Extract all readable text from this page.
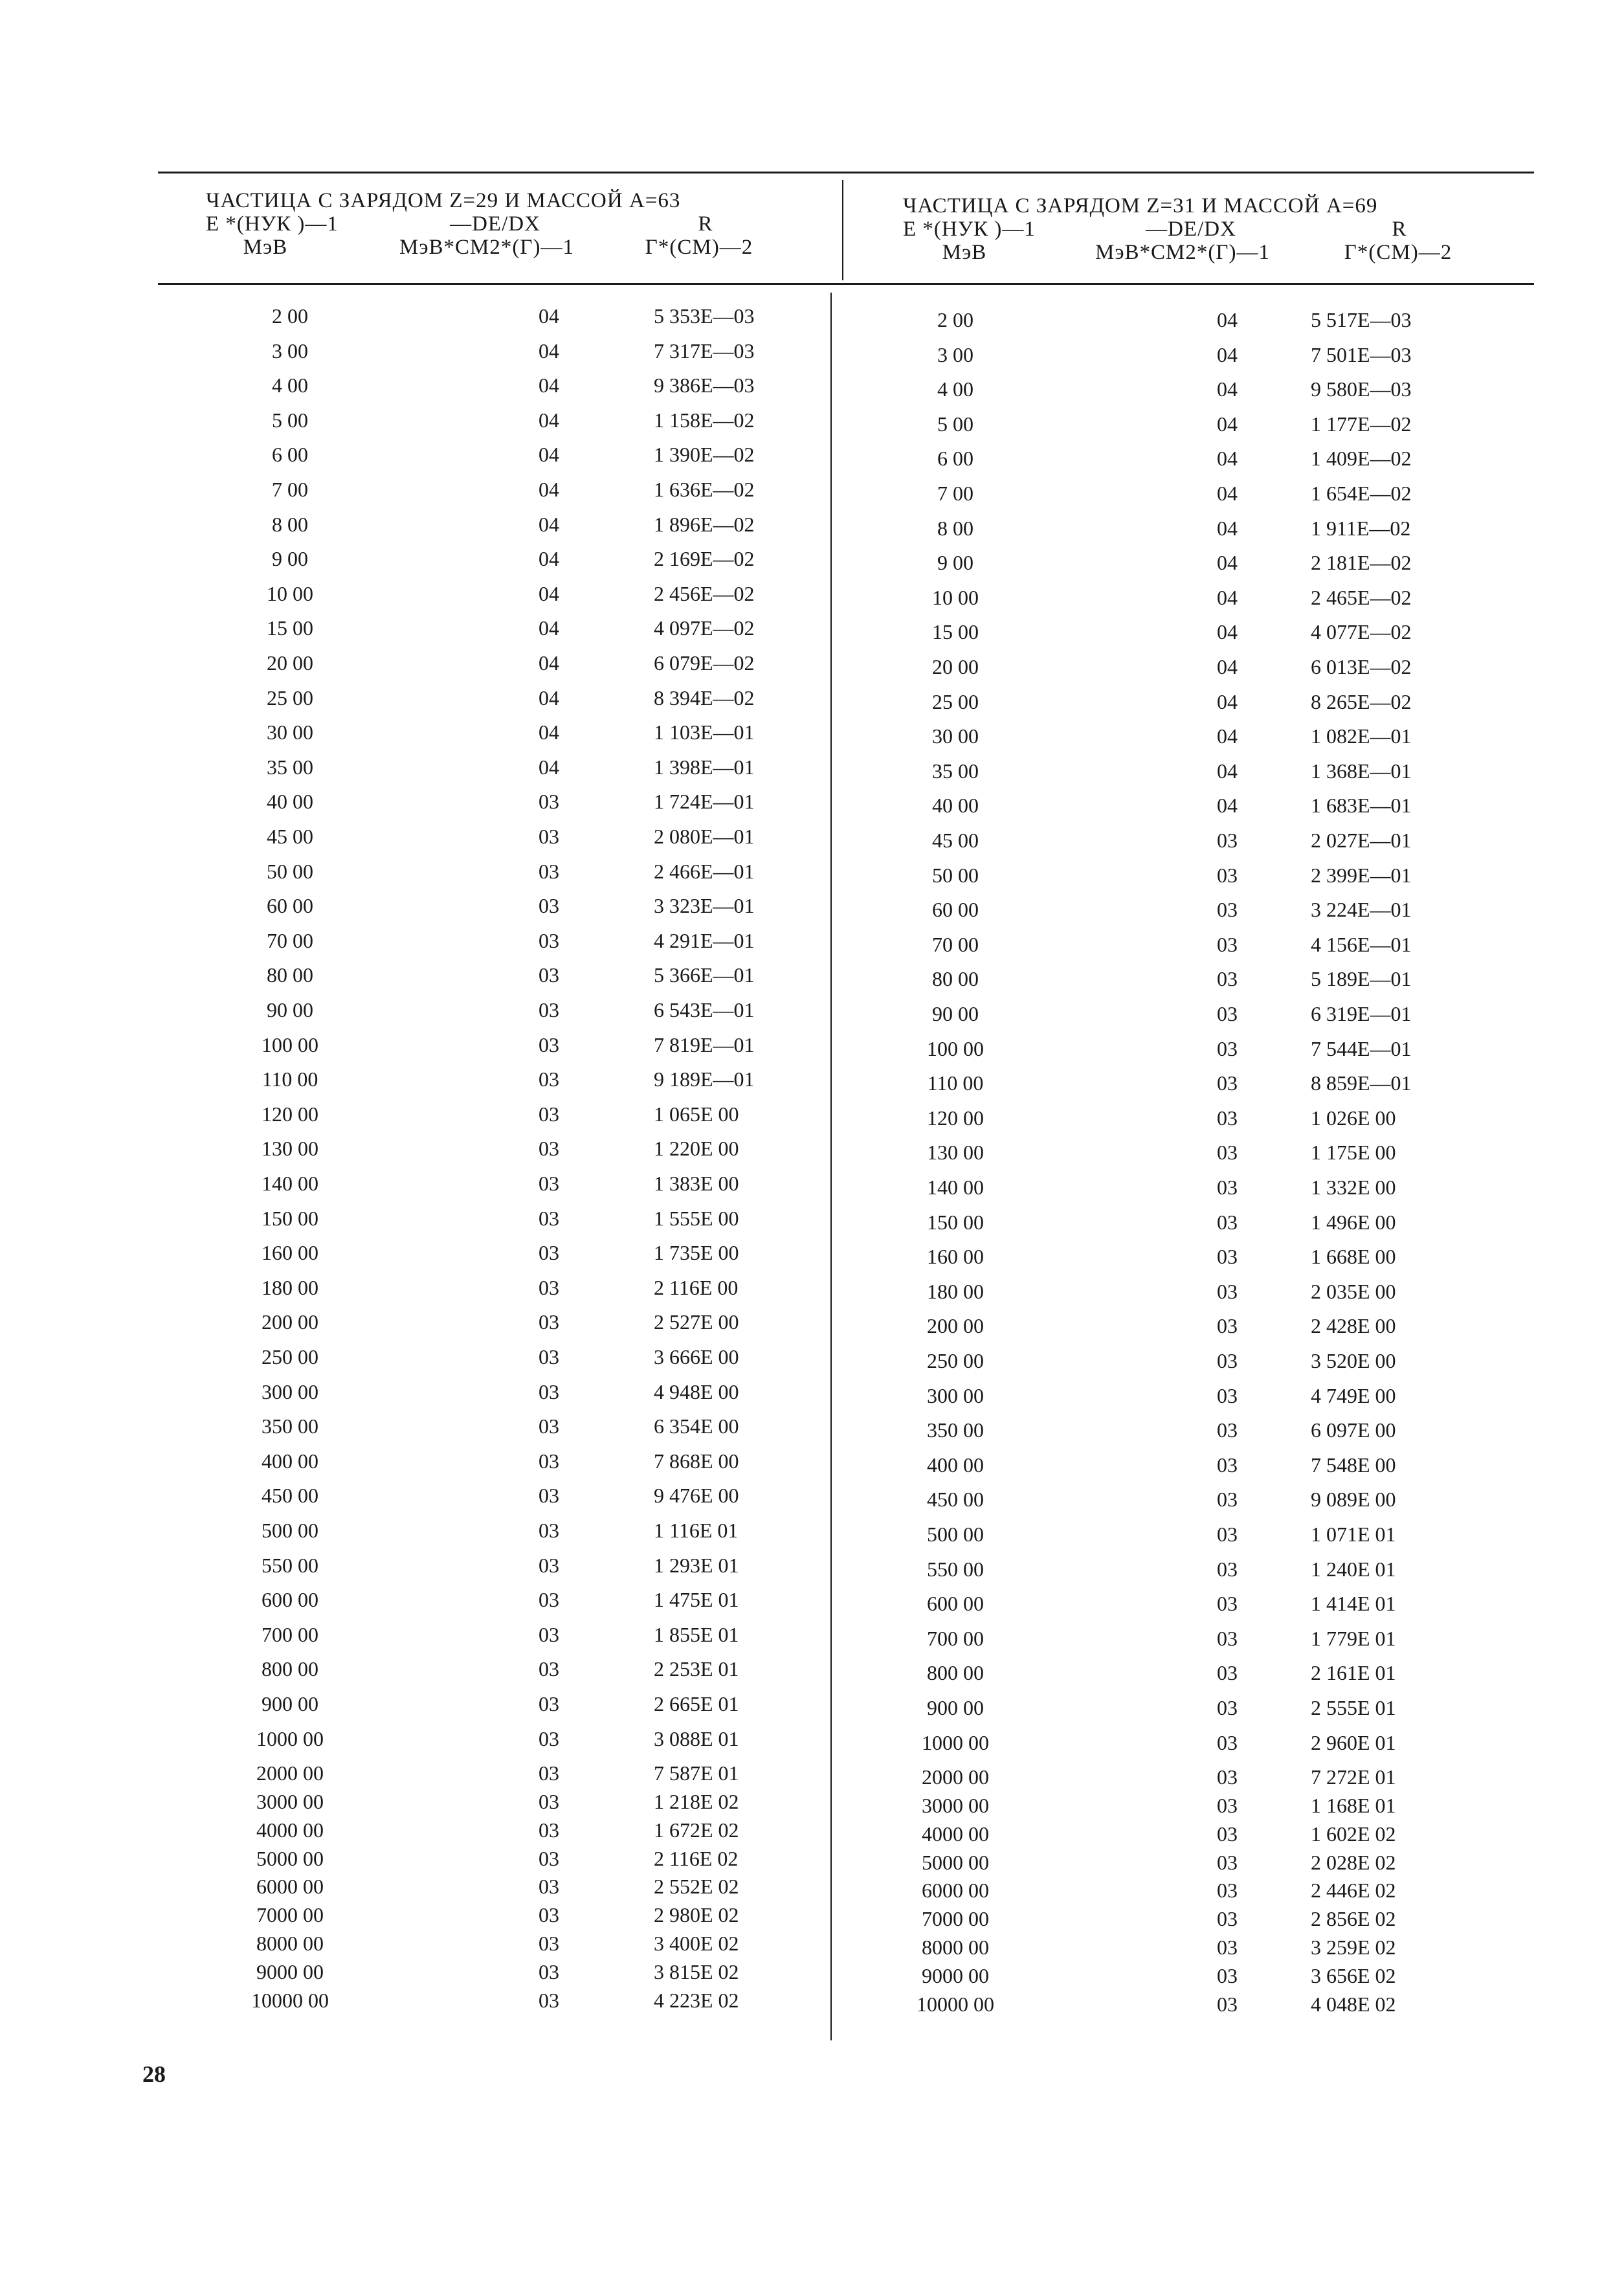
ЧАСТИЦА С ЗАРЯДОМ Z=29 И МАССОЙ A=63
E *(НУК )—1	—DE/DX	R
МэВ	МэВ*СМ2*(Г)—1	Г*(СМ)—2
ЧАСТИЦА С ЗАРЯДОМ Z=31 И МАССОЙ A=69
E *(НУК )—1	—DE/DX	R
МэВ	МэВ*СМ2*(Г)—1	Г*(СМ)—2
2 00	04	5 353E—03
3 00	04	7 317E—03
4 00	04	9 386E—03
5 00	04	1 158E—02
6 00	04	1 390E—02
7 00	04	1 636E—02
8 00	04	1 896E—02
9 00	04	2 169E—02
10 00	04	2 456E—02
15 00	04	4 097E—02
20 00	04	6 079E—02
25 00	04	8 394E—02
30 00	04	1 103E—01
35 00	04	1 398E—01
40 00	03	1 724E—01
45 00	03	2 080E—01
50 00	03	2 466E—01
60 00	03	3 323E—01
70 00	03	4 291E—01
80 00	03	5 366E—01
90 00	03	6 543E—01
100 00	03	7 819E—01
110 00	03	9 189E—01
120 00	03	1 065E 00
130 00	03	1 220E 00
140 00	03	1 383E 00
150 00	03	1 555E 00
160 00	03	1 735E 00
180 00	03	2 116E 00
200 00	03	2 527E 00
250 00	03	3 666E 00
300 00	03	4 948E 00
350 00	03	6 354E 00
400 00	03	7 868E 00
450 00	03	9 476E 00
500 00	03	1 116E 01
550 00	03	1 293E 01
600 00	03	1 475E 01
700 00	03	1 855E 01
800 00	03	2 253E 01
900 00	03	2 665E 01
1000 00	03	3 088E 01
2000 00	03	7 587E 01
3000 00	03	1 218E 02
4000 00	03	1 672E 02
5000 00	03	2 116E 02
6000 00	03	2 552E 02
7000 00	03	2 980E 02
8000 00	03	3 400E 02
9000 00	03	3 815E 02
10000 00	03	4 223E 02
2 00	04	5 517E—03
3 00	04	7 501E—03
4 00	04	9 580E—03
5 00	04	1 177E—02
6 00	04	1 409E—02
7 00	04	1 654E—02
8 00	04	1 911E—02
9 00	04	2 181E—02
10 00	04	2 465E—02
15 00	04	4 077E—02
20 00	04	6 013E—02
25 00	04	8 265E—02
30 00	04	1 082E—01
35 00	04	1 368E—01
40 00	04	1 683E—01
45 00	03	2 027E—01
50 00	03	2 399E—01
60 00	03	3 224E—01
70 00	03	4 156E—01
80 00	03	5 189E—01
90 00	03	6 319E—01
100 00	03	7 544E—01
110 00	03	8 859E—01
120 00	03	1 026E 00
130 00	03	1 175E 00
140 00	03	1 332E 00
150 00	03	1 496E 00
160 00	03	1 668E 00
180 00	03	2 035E 00
200 00	03	2 428E 00
250 00	03	3 520E 00
300 00	03	4 749E 00
350 00	03	6 097E 00
400 00	03	7 548E 00
450 00	03	9 089E 00
500 00	03	1 071E 01
550 00	03	1 240E 01
600 00	03	1 414E 01
700 00	03	1 779E 01
800 00	03	2 161E 01
900 00	03	2 555E 01
1000 00	03	2 960E 01
2000 00	03	7 272E 01
3000 00	03	1 168E 01
4000 00	03	1 602E 02
5000 00	03	2 028E 02
6000 00	03	2 446E 02
7000 00	03	2 856E 02
8000 00	03	3 259E 02
9000 00	03	3 656E 02
10000 00	03	4 048E 02
28
